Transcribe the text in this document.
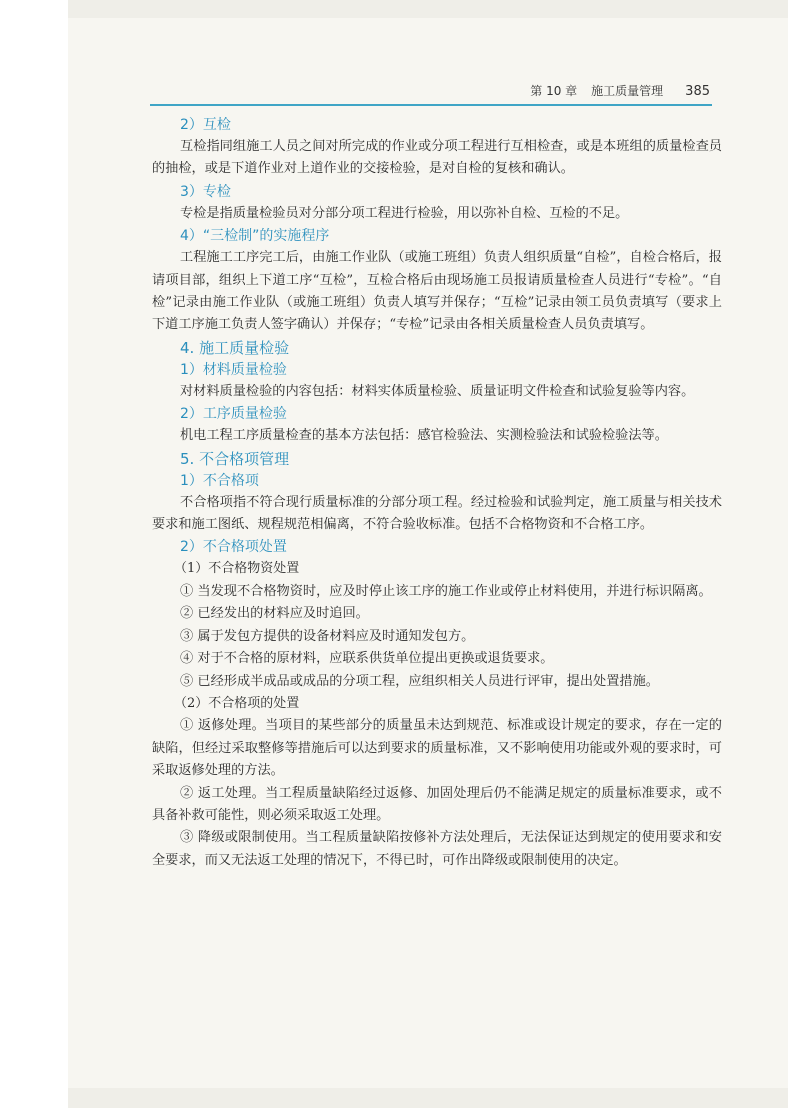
第 10 章 施工质量管理 385
2）互检

互检指同组施工人员之间对所完成的作业或分项工程进行互相检查，或是本班组的质量检查员的抽检，或是下道作业对上道作业的交接检验，是对自检的复核和确认。

3）专检

专检是指质量检验员对分部分项工程进行检验，用以弥补自检、互检的不足。

4）“三检制”的实施程序

工程施工工序完工后，由施工作业队（或施工班组）负责人组织质量“自检”，自检合格后，报请项目部，组织上下道工序“互检”，互检合格后由现场施工员报请质量检查人员进行“专检”。“自检”记录由施工作业队（或施工班组）负责人填写并保存；“互检”记录由领工员负责填写（要求上下道工序施工负责人签字确认）并保存；“专检”记录由各相关质量检查人员负责填写。

4. 施工质量检验
1）材料质量检验

对材料质量检验的内容包括：材料实体质量检验、质量证明文件检查和试验复验等内容。

2）工序质量检验

机电工程工序质量检查的基本方法包括：感官检验法、实测检验法和试验检验法等。

5. 不合格项管理
1）不合格项

不合格项指不符合现行质量标准的分部分项工程。经过检验和试验判定，施工质量与相关技术要求和施工图纸、规程规范相偏离，不符合验收标准。包括不合格物资和不合格工序。

2）不合格项处置
（1）不合格物资处置

① 当发现不合格物资时，应及时停止该工序的施工作业或停止材料使用，并进行标识隔离。

② 已经发出的材料应及时追回。

③ 属于发包方提供的设备材料应及时通知发包方。

④ 对于不合格的原材料，应联系供货单位提出更换或退货要求。

⑤ 已经形成半成品或成品的分项工程，应组织相关人员进行评审，提出处置措施。

（2）不合格项的处置

① 返修处理。当项目的某些部分的质量虽未达到规范、标准或设计规定的要求，存在一定的缺陷，但经过采取整修等措施后可以达到要求的质量标准，又不影响使用功能或外观的要求时，可采取返修处理的方法。

② 返工处理。当工程质量缺陷经过返修、加固处理后仍不能满足规定的质量标准要求，或不具备补救可能性，则必须采取返工处理。

③ 降级或限制使用。当工程质量缺陷按修补方法处理后，无法保证达到规定的使用要求和安全要求，而又无法返工处理的情况下，不得已时，可作出降级或限制使用的决定。
